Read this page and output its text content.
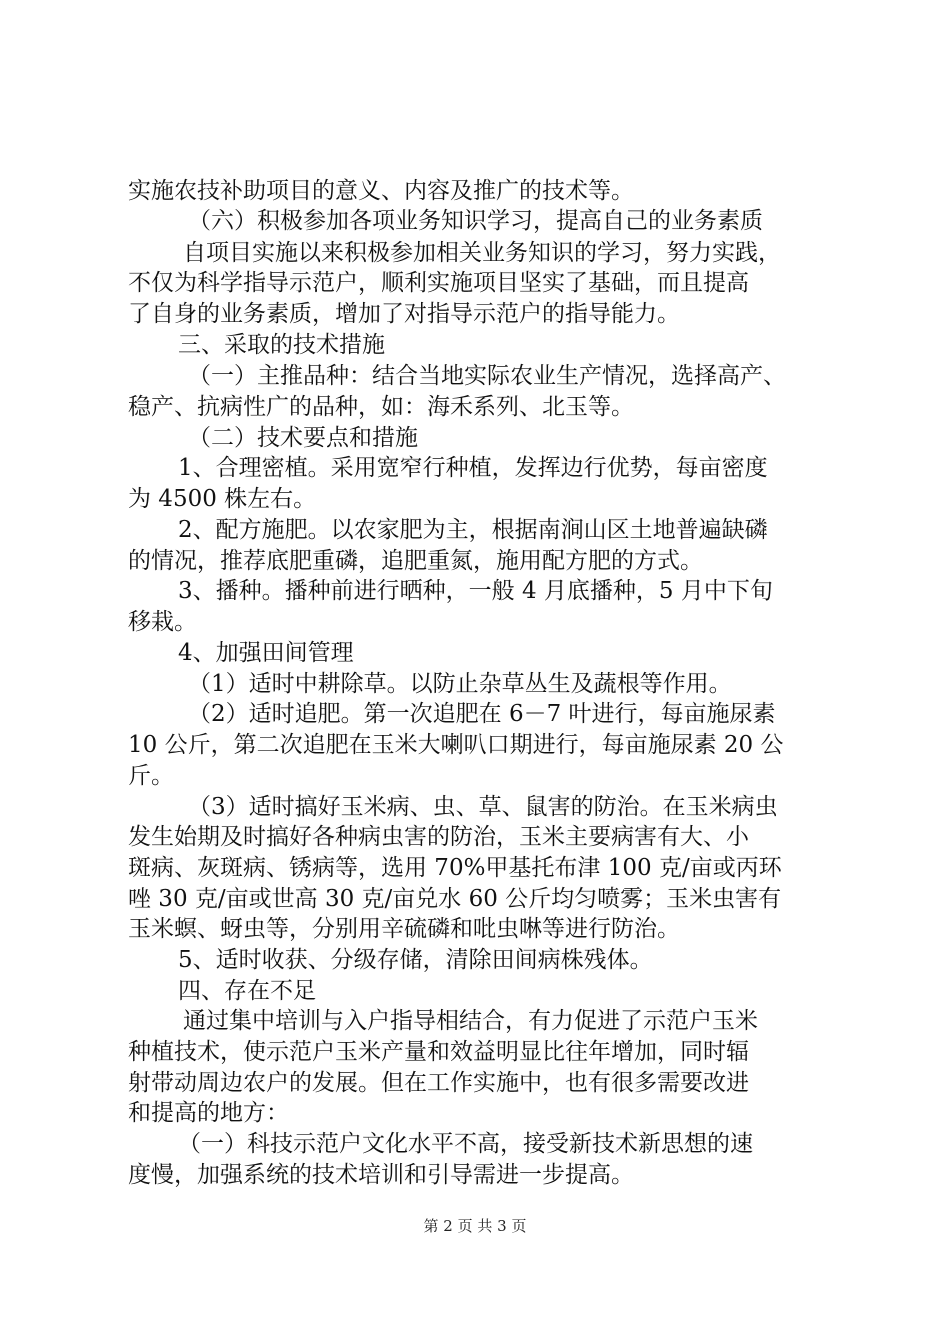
实施农技补助项目的意义、内容及推广的技术等。
（六）积极参加各项业务知识学习，提高自己的业务素质
自项目实施以来积极参加相关业务知识的学习，努力实践，
不仅为科学指导示范户，顺利实施项目坚实了基础，而且提高
了自身的业务素质，增加了对指导示范户的指导能力。
三、采取的技术措施
（一）主推品种：结合当地实际农业生产情况，选择高产、
稳产、抗病性广的品种，如：海禾系列、北玉等。
（二）技术要点和措施
1、合理密植。采用宽窄行种植，发挥边行优势，每亩密度
为 4500 株左右。
2、配方施肥。以农家肥为主，根据南涧山区土地普遍缺磷
的情况，推荐底肥重磷，追肥重氮，施用配方肥的方式。
3、播种。播种前进行晒种，一般 4 月底播种，5 月中下旬
移栽。
4、加强田间管理
（1）适时中耕除草。以防止杂草丛生及蔬根等作用。
（2）适时追肥。第一次追肥在 6－7 叶进行，每亩施尿素
10 公斤，第二次追肥在玉米大喇叭口期进行，每亩施尿素 20 公
斤。
（3）适时搞好玉米病、虫、草、鼠害的防治。在玉米病虫
发生始期及时搞好各种病虫害的防治，玉米主要病害有大、小
斑病、灰斑病、锈病等，选用 70%甲基托布津 100 克/亩或丙环
唑 30 克/亩或世高 30 克/亩兑水 60 公斤均匀喷雾；玉米虫害有
玉米螟、蚜虫等，分别用辛硫磷和吡虫啉等进行防治。
5、适时收获、分级存储，清除田间病株残体。
四、存在不足
通过集中培训与入户指导相结合，有力促进了示范户玉米
种植技术，使示范户玉米产量和效益明显比往年增加，同时辐
射带动周边农户的发展。但在工作实施中，也有很多需要改进
和提高的地方：
（一）科技示范户文化水平不高，接受新技术新思想的速
度慢，加强系统的技术培训和引导需进一步提高。
第 2 页 共 3 页
